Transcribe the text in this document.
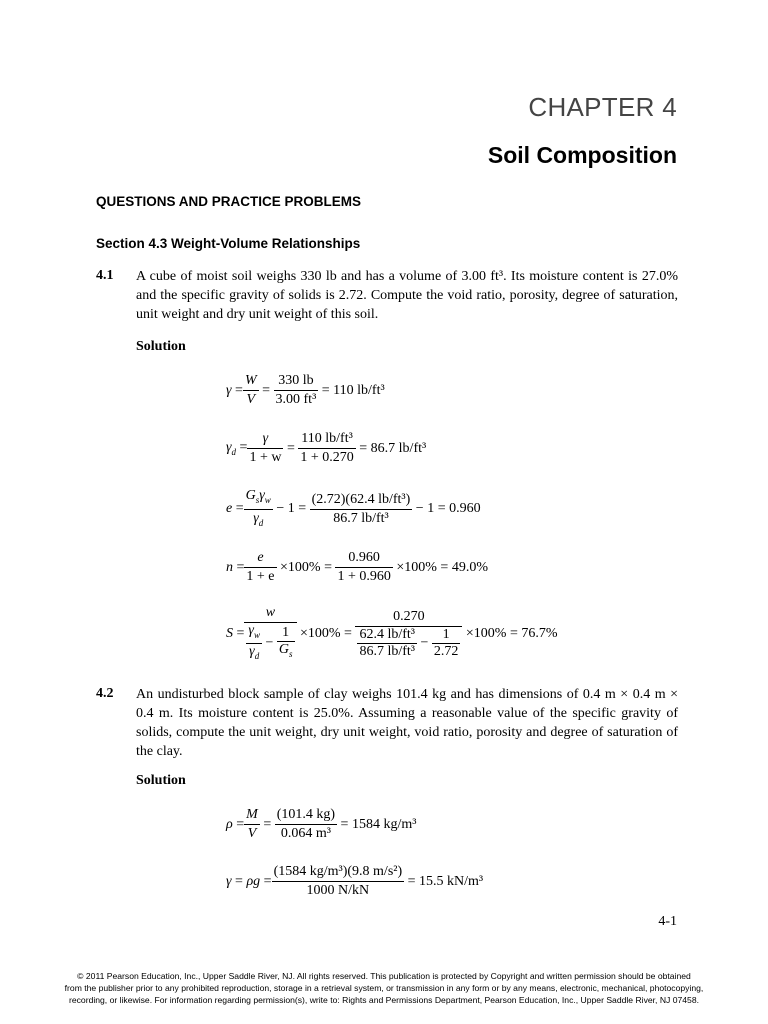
CHAPTER 4
Soil Composition
QUESTIONS AND PRACTICE PROBLEMS
Section 4.3 Weight-Volume Relationships
4.1 A cube of moist soil weighs 330 lb and has a volume of 3.00 ft³. Its moisture content is 27.0% and the specific gravity of solids is 2.72. Compute the void ratio, porosity, degree of saturation, unit weight and dry unit weight of this soil.
Solution
γ =	$\frac{W}{V}$	=	$\frac{330 lb}{\text{3.00 ft³}}$	= 110 lb/ft³
$\gamma_d$ =	$\frac{\gamma}{1 + w}$	=	$\frac{\text{110 lb/ft³}}{1 + 0.270}$	= 86.7 lb/ft³
e =	$\frac{G_s\gamma_w}{\gamma_d}$	− 1 =	$\frac{\text{(2.72)(62.4 lb/ft³)}}{\text{86.7 lb/ft³}}$	− 1 = 0.960
n =	$\frac{e}{1 + e}$	×100% =	$\frac{0.960}{1 + 0.960}$	×100% = 49.0%
S =	$\frac{w}{\frac{\gamma_w}{\gamma_d} - \frac{1}{G_s}}$	×100% =	$\frac{0.270}{\frac{\text{62.4 lb/ft³}}{\text{86.7 lb/ft³}} - \frac{1}{2.72}}$	×100% = 76.7%
4.2 An undisturbed block sample of clay weighs 101.4 kg and has dimensions of 0.4 m × 0.4 m × 0.4 m. Its moisture content is 25.0%. Assuming a reasonable value of the specific gravity of solids, compute the unit weight, dry unit weight, void ratio, porosity and degree of saturation of the clay.
Solution
ρ =	$\frac{M}{V}$	=	$\frac{(101.4 kg)}{\text{0.064 m³}}$	= 1584 kg/m³
γ = ρg =	$\frac{\text{(1584 kg/m³)(9.8 m/s²)}}{1000 N/kN}$	= 15.5 kN/m³
4-1
© 2011 Pearson Education, Inc., Upper Saddle River, NJ. All rights reserved. This publication is protected by Copyright and written permission should be obtained
from the publisher prior to any prohibited reproduction, storage in a retrieval system, or transmission in any form or by any means, electronic, mechanical, photocopying,
recording, or likewise. For information regarding permission(s), write to: Rights and Permissions Department, Pearson Education, Inc., Upper Saddle River, NJ 07458.
